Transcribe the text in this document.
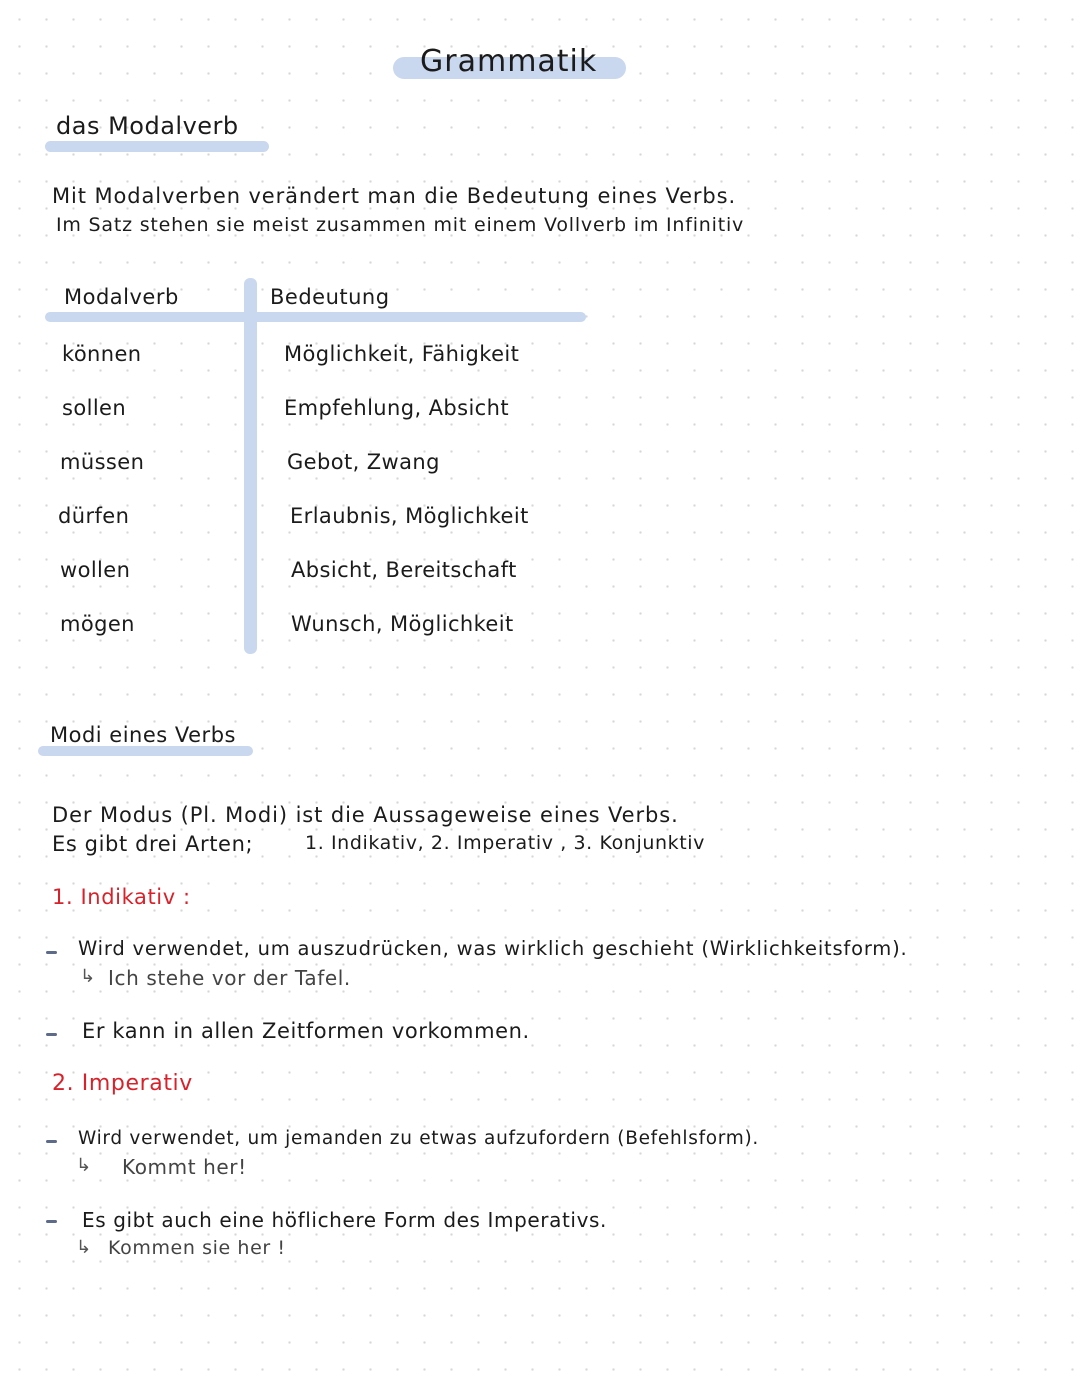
Grammatik
das Modalverb
Mit Modalverben verändert man die Bedeutung eines Verbs.
Im Satz stehen sie meist zusammen mit einem Vollverb im Infinitiv
Modalverb	Bedeutung
können	Möglichkeit, Fähigkeit
sollen	Empfehlung, Absicht
müssen	Gebot, Zwang
dürfen	Erlaubnis, Möglichkeit
wollen	Absicht, Bereitschaft
mögen	Wunsch, Möglichkeit
Modi eines Verbs
Der Modus (Pl. Modi) ist die Aussageweise eines Verbs.
Es gibt drei Arten;	1. Indikativ, 2. Imperativ , 3. Konjunktiv
1. Indikativ :
Wird verwendet, um auszudrücken, was wirklich geschieht (Wirklichkeitsform).
↳ Ich stehe vor der Tafel.
Er kann in allen Zeitformen vorkommen.
2. Imperativ
Wird verwendet, um jemanden zu etwas aufzufordern (Befehlsform).
↳ Kommt her!
Es gibt auch eine höflichere Form des Imperativs.
↳ Kommen sie her !
